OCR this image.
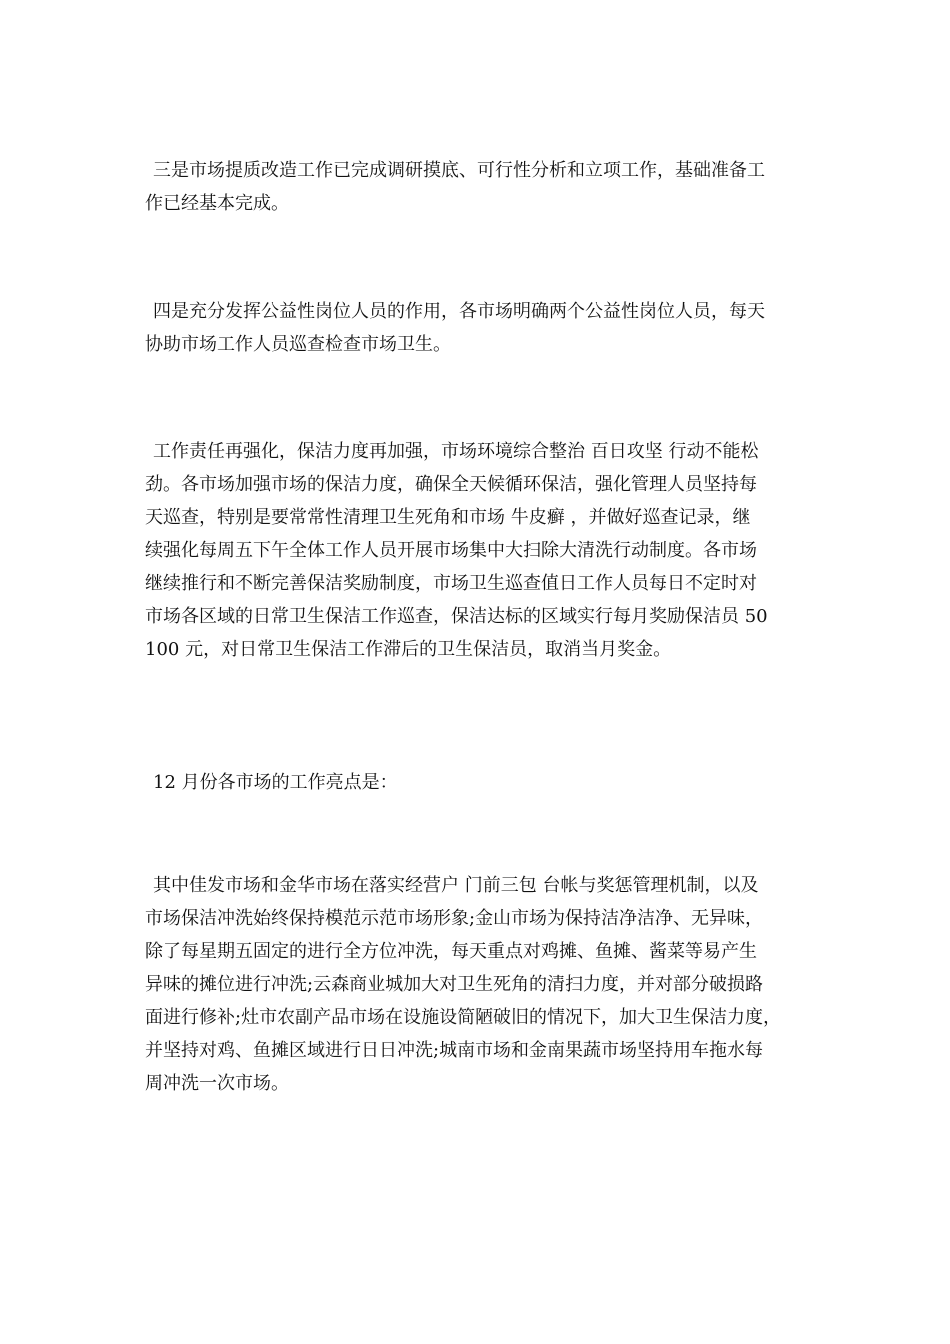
三是市场提质改造工作已完成调研摸底、可行性分析和立项工作，基础准备工
作已经基本完成。
四是充分发挥公益性岗位人员的作用，各市场明确两个公益性岗位人员，每天
协助市场工作人员巡查检查市场卫生。
工作责任再强化，保洁力度再加强，市场环境综合整治 百日攻坚 行动不能松
劲。各市场加强市场的保洁力度，确保全天候循环保洁，强化管理人员坚持每
天巡查，特别是要常常性清理卫生死角和市场 牛皮癣 ，并做好巡查记录，继
续强化每周五下午全体工作人员开展市场集中大扫除大清洗行动制度。各市场
继续推行和不断完善保洁奖励制度，市场卫生巡查值日工作人员每日不定时对
市场各区域的日常卫生保洁工作巡查，保洁达标的区域实行每月奖励保洁员 50
100 元，对日常卫生保洁工作滞后的卫生保洁员，取消当月奖金。
12 月份各市场的工作亮点是：
其中佳发市场和金华市场在落实经营户 门前三包 台帐与奖惩管理机制，以及
市场保洁冲洗始终保持模范示范市场形象;金山市场为保持洁净洁净、无异味，
除了每星期五固定的进行全方位冲洗，每天重点对鸡摊、鱼摊、酱菜等易产生
异味的摊位进行冲洗;云森商业城加大对卫生死角的清扫力度，并对部分破损路
面进行修补;灶市农副产品市场在设施设简陋破旧的情况下，加大卫生保洁力度，
并坚持对鸡、鱼摊区域进行日日冲洗;城南市场和金南果蔬市场坚持用车拖水每
周冲洗一次市场。
